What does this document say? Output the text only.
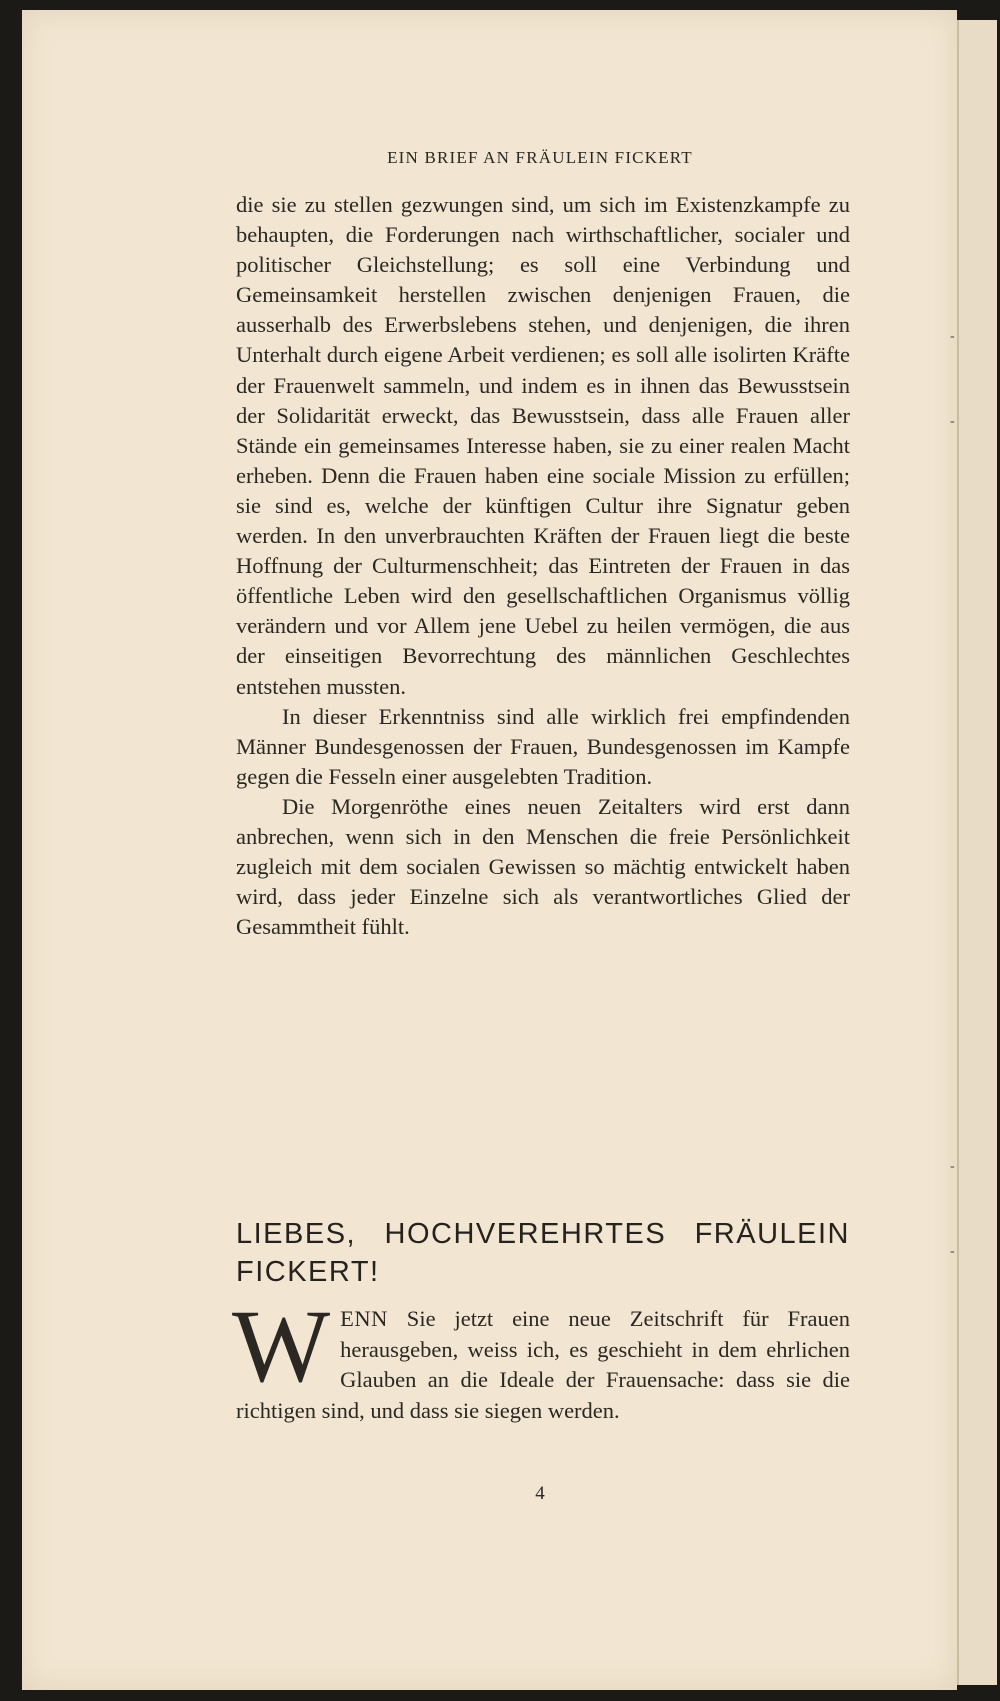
-
-
-
-
EIN BRIEF AN FRÄULEIN FICKERT

die sie zu stellen gezwungen sind, um sich im Existenzkampfe zu behaupten, die Forderungen nach wirthschaftlicher, socialer und politischer Gleichstellung; es soll eine Verbindung und Gemeinsamkeit herstellen zwischen denjenigen Frauen, die ausserhalb des Erwerbslebens stehen, und denjenigen, die ihren Unterhalt durch eigene Arbeit verdienen; es soll alle isolirten Kräfte der Frauenwelt sammeln, und indem es in ihnen das Bewusstsein der Solidarität erweckt, das Bewusstsein, dass alle Frauen aller Stände ein gemeinsames Interesse haben, sie zu einer realen Macht erheben. Denn die Frauen haben eine sociale Mission zu erfüllen; sie sind es, welche der künftigen Cultur ihre Signatur geben werden. In den unverbrauchten Kräften der Frauen liegt die beste Hoffnung der Culturmenschheit; das Eintreten der Frauen in das öffentliche Leben wird den gesellschaftlichen Organismus völlig verändern und vor Allem jene Uebel zu heilen vermögen, die aus der einseitigen Bevorrechtung des männlichen Geschlechtes entstehen mussten.

In dieser Erkenntniss sind alle wirklich frei empfindenden Männer Bundesgenossen der Frauen, Bundesgenossen im Kampfe gegen die Fesseln einer ausgelebten Tradition.

Die Morgenröthe eines neuen Zeitalters wird erst dann anbrechen, wenn sich in den Menschen die freie Persönlichkeit zugleich mit dem socialen Gewissen so mächtig entwickelt haben wird, dass jeder Einzelne sich als verantwortliches Glied der Gesammtheit fühlt.

LIEBES, HOCHVEREHRTES FRÄULEIN FICKERT!
WENN Sie jetzt eine neue Zeitschrift für Frauen herausgeben, weiss ich, es geschieht in dem ehrlichen Glauben an die Ideale der Frauensache: dass sie die richtigen sind, und dass sie siegen werden.
4
